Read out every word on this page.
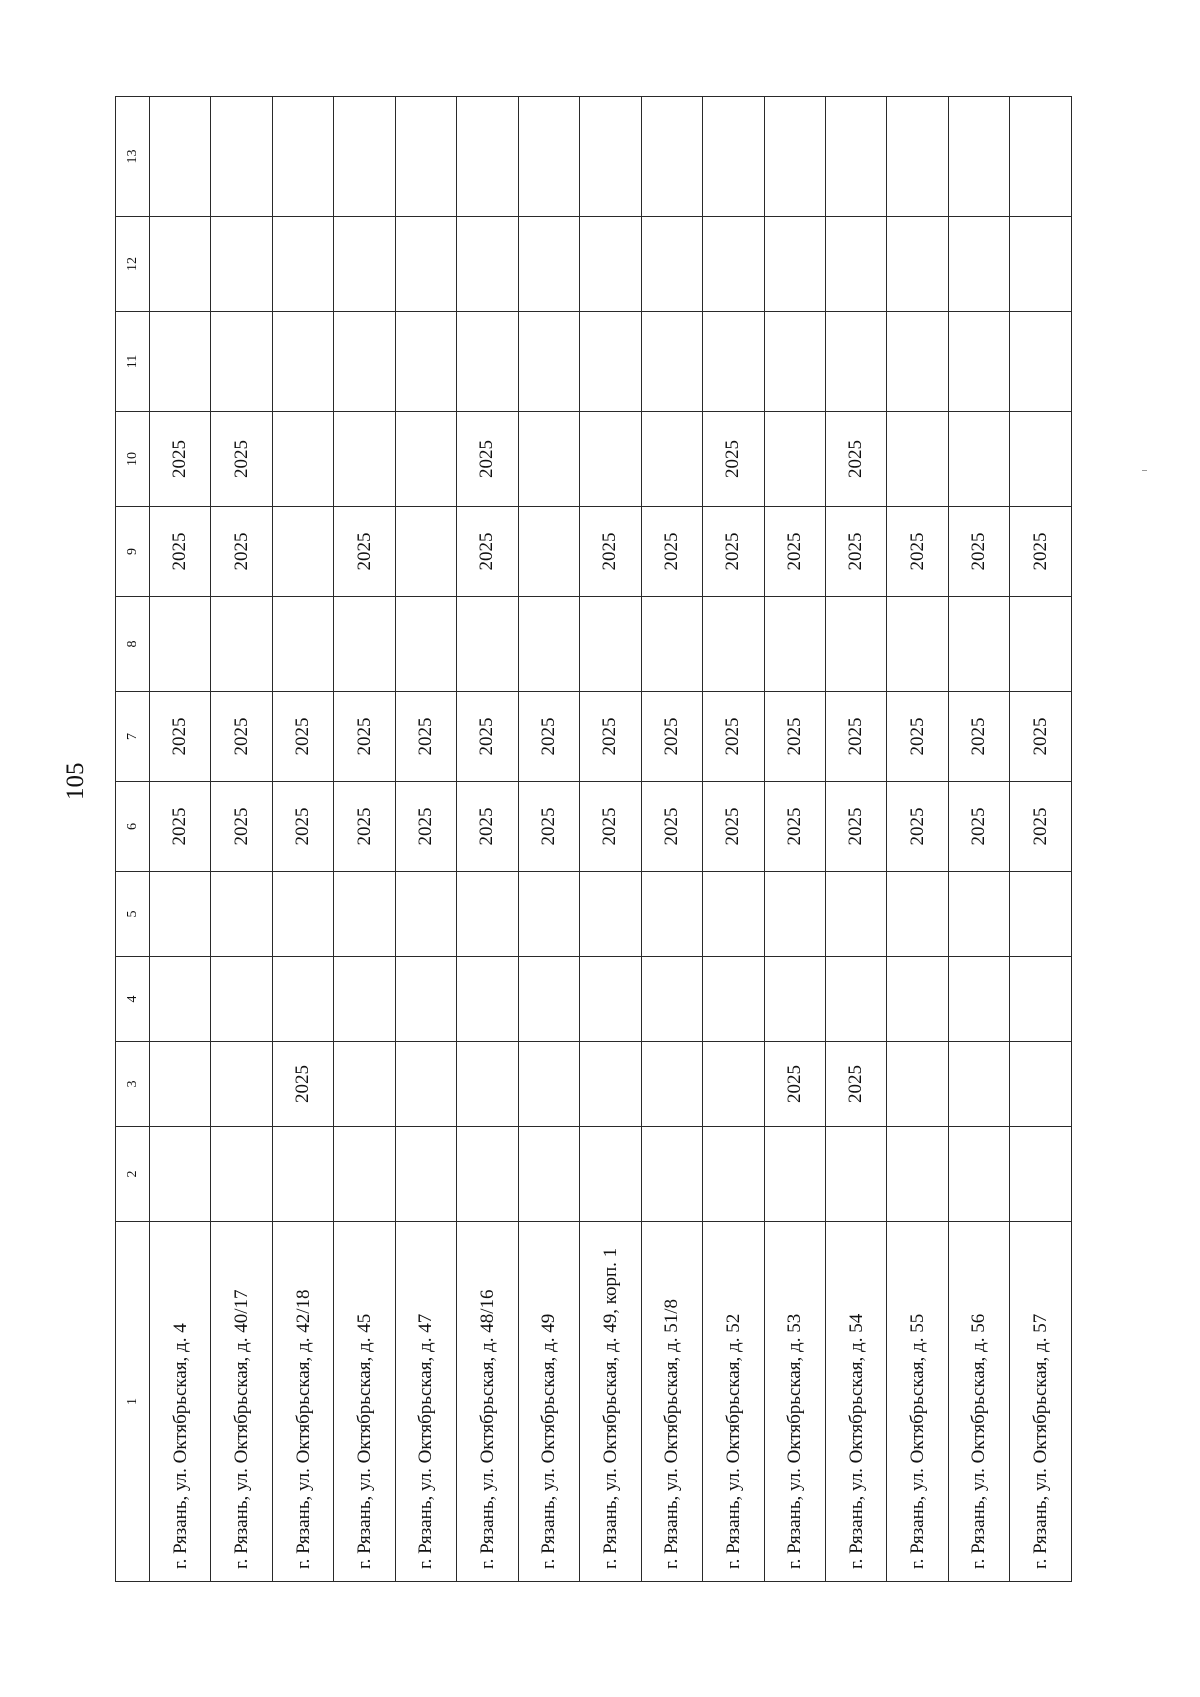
105
1	2	3	4	5	6	7	8	9	10	11	12	13
г. Рязань, ул. Октябрьская, д. 4					2025	2025		2025	2025			
г. Рязань, ул. Октябрьская, д. 40/17					2025	2025		2025	2025			
г. Рязань, ул. Октябрьская, д. 42/18		2025			2025	2025						
г. Рязань, ул. Октябрьская, д. 45					2025	2025		2025				
г. Рязань, ул. Октябрьская, д. 47					2025	2025						
г. Рязань, ул. Октябрьская, д. 48/16					2025	2025		2025	2025			
г. Рязань, ул. Октябрьская, д. 49					2025	2025						
г. Рязань, ул. Октябрьская, д. 49, корп. 1					2025	2025		2025				
г. Рязань, ул. Октябрьская, д. 51/8					2025	2025		2025				
г. Рязань, ул. Октябрьская, д. 52					2025	2025		2025	2025			
г. Рязань, ул. Октябрьская, д. 53		2025			2025	2025		2025				
г. Рязань, ул. Октябрьская, д. 54		2025			2025	2025		2025	2025			
г. Рязань, ул. Октябрьская, д. 55					2025	2025		2025				
г. Рязань, ул. Октябрьская, д. 56					2025	2025		2025				
г. Рязань, ул. Октябрьская, д. 57					2025	2025		2025				
